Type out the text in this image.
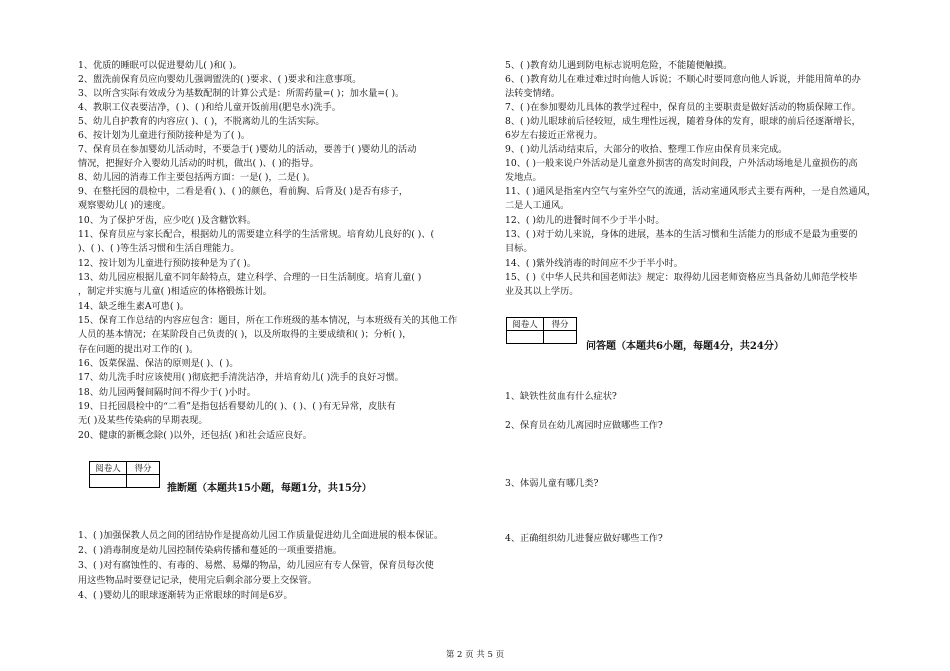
1、优质的睡眠可以促进婴幼儿( )和( )。
2、盥洗前保育员应向婴幼儿强调盥洗的( )要求、( )要求和注意事项。
3、以所含实际有效成分为基数配制的计算公式是：所需药量=( )；加水量=( )。
4、教职工仪表要洁净，( )、( )和给儿童开饭前用(肥皂水)洗手。
5、幼儿自护教育的内容应( )、( )，不脱离幼儿的生活实际。
6、按计划为儿童进行预防接种是为了( )。
7、保育员在参加婴幼儿活动时，不要急于( )婴幼儿的活动，要善于( )婴幼儿的活动
情况，把握好介入婴幼儿活动的时机，做出( )、( )的指导。
8、幼儿园的消毒工作主要包括两方面：一是( )，二是( )。
9、在整托园的晨检中，二看是看( )、( )的颜色，看前胸、后背及( )是否有疹子，
观察婴幼儿( )的速度。
10、为了保护牙齿，应少吃( )及含糖饮料。
11、保育员应与家长配合，根据幼儿的需要建立科学的生活常规。培育幼儿良好的( )、(
)、( )、( )等生活习惯和生活自理能力。
12、按计划为儿童进行预防接种是为了( )。
13、幼儿园应根据儿童不同年龄特点，建立科学、合理的一日生活制度。培育儿童( )
，制定并实施与儿童( )相适应的体格锻炼计划。
14、缺乏维生素A可患( )。
15、保育工作总结的内容应包含：题目，所在工作班级的基本情况，与本班级有关的其他工作
人员的基本情况；在某阶段自己负责的( )，以及所取得的主要成绩和( )；分析( )，
存在问题的提出对工作的( )。
16、饭菜保温、保洁的原则是( )、( )。
17、幼儿洗手时应该使用( )彻底把手清洗洁净，并培育幼儿( )洗手的良好习惯。
18、幼儿园两餐间隔时间不得少于( )小时。
19、日托园晨检中的“二看”是指包括看婴幼儿的( )、( )、( )有无异常，皮肤有
无( )及某些传染病的早期表现。
20、健康的新概念除( )以外，还包括( )和社会适应良好。
阅卷人	得分

推断题（本题共15小题，每题1分，共15分）
1、( )加强保教人员之间的团结协作是提高幼儿园工作质量促进幼儿全面进展的根本保证。
2、( )消毒制度是幼儿园控制传染病传播和蔓延的一项重要措施。
3、( )对有腐蚀性的、有毒的、易燃、易爆的物品，幼儿园应有专人保管，保育员每次使
用这些物品时要登记记录，使用完后剩余部分要上交保管。
4、( )婴幼儿的眼球逐渐转为正常眼球的时间是6岁。
5、( )教育幼儿遇到防电标志说明危险，不能随便触摸。
6、( )教育幼儿在难过难过时向他人诉说；不顺心时要同意向他人诉说，并能用简单的办
法转变情绪。
7、( )在参加婴幼儿具体的教学过程中，保育员的主要职责是做好活动的物质保障工作。
8、( )幼儿眼球前后径较短，成生理性远视，随着身体的发育，眼球的前后径逐渐增长，
6岁左右接近正常视力。
9、( )幼儿活动结束后，大部分的收拾、整理工作应由保育员来完成。
10、( )一般来说户外活动是儿童意外损害的高发时间段，户外活动场地是儿童损伤的高
发地点。
11、( )通风是指室内空气与室外空气的流通，活动室通风形式主要有两种，一是自然通风，
二是人工通风。
12、( )幼儿的进餐时间不少于半小时。
13、( )对于幼儿来说，身体的进展，基本的生活习惯和生活能力的形成不是最为重要的
目标。
14、( )紫外线消毒的时间应不少于半小时。
15、( )《中华人民共和国老师法》规定：取得幼儿园老师资格应当具备幼儿师范学校毕
业及其以上学历。
阅卷人	得分

问答题（本题共6小题，每题4分，共24分）
1、缺铁性贫血有什么症状?
2、保育员在幼儿离园时应做哪些工作?
3、体弱儿童有哪几类?
4、正确组织幼儿进餐应做好哪些工作?
第 2 页 共 5 页
